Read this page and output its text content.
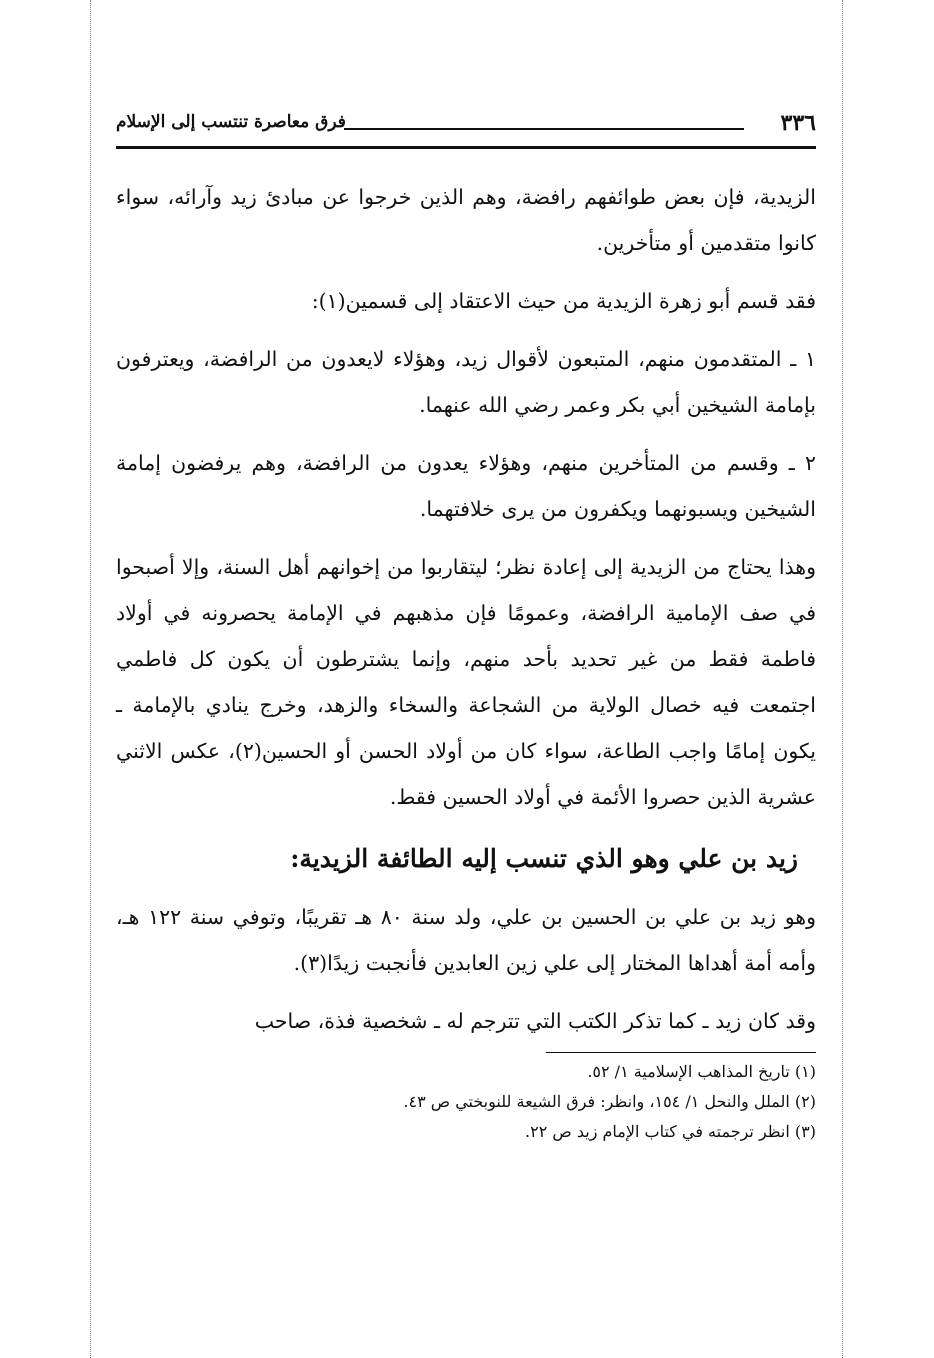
٣٣٦
فرق معاصرة تنتسب إلى الإسلام

الزيدية، فإن بعض طوائفهم رافضة، وهم الذين خرجوا عن مبادئ زيد وآرائه، سواء كانوا متقدمين أو متأخرين.

فقد قسم أبو زهرة الزيدية من حيث الاعتقاد إلى قسمين(١):

١ ـ المتقدمون منهم، المتبعون لأقوال زيد، وهؤلاء لايعدون من الرافضة، ويعترفون بإمامة الشيخين أبي بكر وعمر رضي الله عنهما.

٢ ـ وقسم من المتأخرين منهم، وهؤلاء يعدون من الرافضة، وهم يرفضون إمامة الشيخين ويسبونهما ويكفرون من يرى خلافتهما.

وهذا يحتاج من الزيدية إلى إعادة نظر؛ ليتقاربوا من إخوانهم أهل السنة، وإلا أصبحوا في صف الإمامية الرافضة، وعمومًا فإن مذهبهم في الإمامة يحصرونه في أولاد فاطمة فقط من غير تحديد بأحد منهم، وإنما يشترطون أن يكون كل فاطمي اجتمعت فيه خصال الولاية من الشجاعة والسخاء والزهد، وخرج ينادي بالإمامة ـ يكون إمامًا واجب الطاعة، سواء كان من أولاد الحسن أو الحسين(٢)، عكس الاثني عشرية الذين حصروا الأئمة في أولاد الحسين فقط.

زيد بن علي وهو الذي تنسب إليه الطائفة الزيدية:

وهو زيد بن علي بن الحسين بن علي، ولد سنة ٨٠ هـ تقريبًا، وتوفي سنة ١٢٢ هـ، وأمه أمة أهداها المختار إلى علي زين العابدين فأنجبت زيدًا(٣).

وقد كان زيد ـ كما تذكر الكتب التي تترجم له ـ شخصية فذة، صاحب

(١) تاريخ المذاهب الإسلامية ١/ ٥٢.
(٢) الملل والنحل ١/ ١٥٤، وانظر: فرق الشيعة للنوبختي ص ٤٣.
(٣) انظر ترجمته في كتاب الإمام زيد ص ٢٢.
